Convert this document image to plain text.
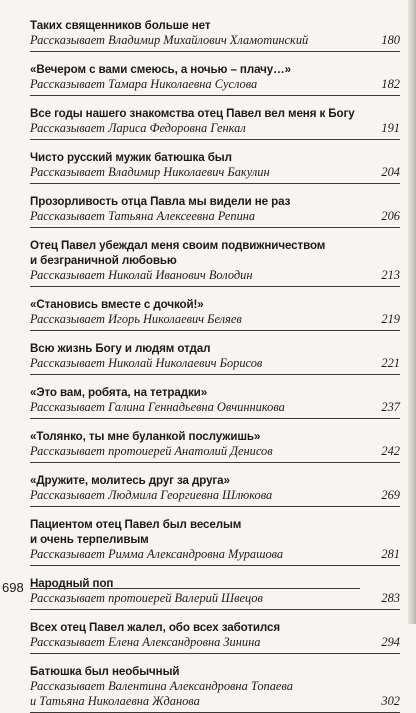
Таких священников больше нет
Рассказывает Владимир Михайлович Хламотинский	180
«Вечером с вами смеюсь, а ночью – плачу…»
Рассказывает Тамара Николаевна Суслова	182
Все годы нашего знакомства отец Павел вел меня к Богу
Рассказывает Лариса Федоровна Генкал	191
Чисто русский мужик батюшка был
Рассказывает Владимир Николаевич Бакулин	204
Прозорливость отца Павла мы видели не раз
Рассказывает Татьяна Алексеевна Репина	206
Отец Павел убеждал меня своим подвижничеством
и безграничной любовью
Рассказывает Николай Иванович Володин	213
«Становись вместе с дочкой!»
Рассказывает Игорь Николаевич Беляев	219
Всю жизнь Богу и людям отдал
Рассказывает Николай Николаевич Борисов	221
«Это вам, робята, на тетрадки»
Рассказывает Галина Геннадьевна Овчинникова	237
«Толянко, ты мне буланкой послужишь»
Рассказывает протоиерей Анатолий Денисов	242
«Дружите, молитесь друг за друга»
Рассказывает Людмила Георгиевна Шлюкова	269
Пациентом отец Павел был веселым
и очень терпеливым
Рассказывает Римма Александровна Мурашова	281
Народный поп
Рассказывает протоиерей Валерий Швецов	283
Всех отец Павел жалел, обо всех заботился
Рассказывает Елена Александровна Зинина	294
Батюшка был необычный
Рассказывает Валентина Александровна Топаева
и Татьяна Николаевна Жданова	302
698
